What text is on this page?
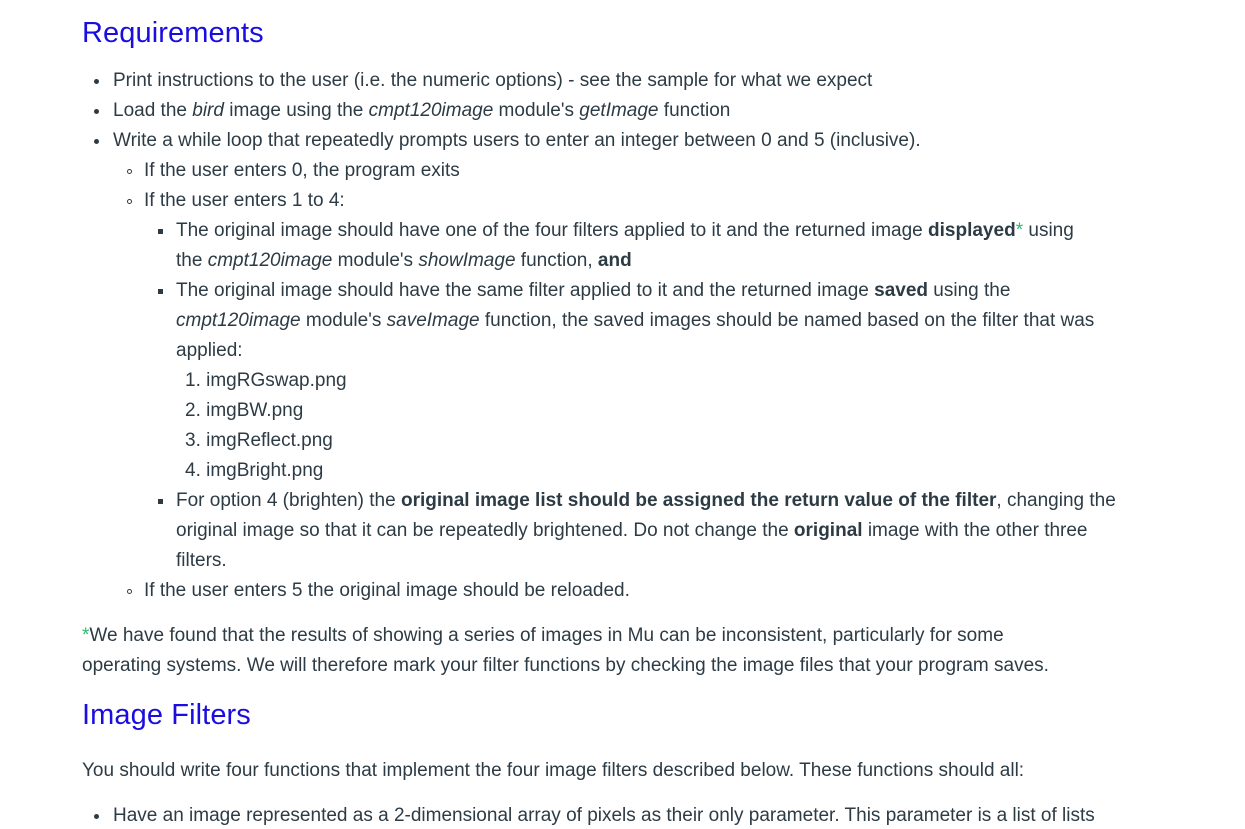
Requirements
Print instructions to the user (i.e. the numeric options) - see the sample for what we expect
Load the bird image using the cmpt120image module's getImage function
Write a while loop that repeatedly prompts users to enter an integer between 0 and 5 (inclusive).
If the user enters 0, the program exits
If the user enters 1 to 4:
The original image should have one of the four filters applied to it and the returned image displayed* using
the cmpt120image module's showImage function, and
The original image should have the same filter applied to it and the returned image saved using the
cmpt120image module's saveImage function, the saved images should be named based on the filter that was
applied:
1. imgRGswap.png
2. imgBW.png
3. imgReflect.png
4. imgBright.png
For option 4 (brighten) the original image list should be assigned the return value of the filter, changing the
original image so that it can be repeatedly brightened. Do not change the original image with the other three
filters.
If the user enters 5 the original image should be reloaded.
*We have found that the results of showing a series of images in Mu can be inconsistent, particularly for some
operating systems. We will therefore mark your filter functions by checking the image files that your program saves.
Image Filters
You should write four functions that implement the four image filters described below. These functions should all:
Have an image represented as a 2-dimensional array of pixels as their only parameter. This parameter is a list of lists
